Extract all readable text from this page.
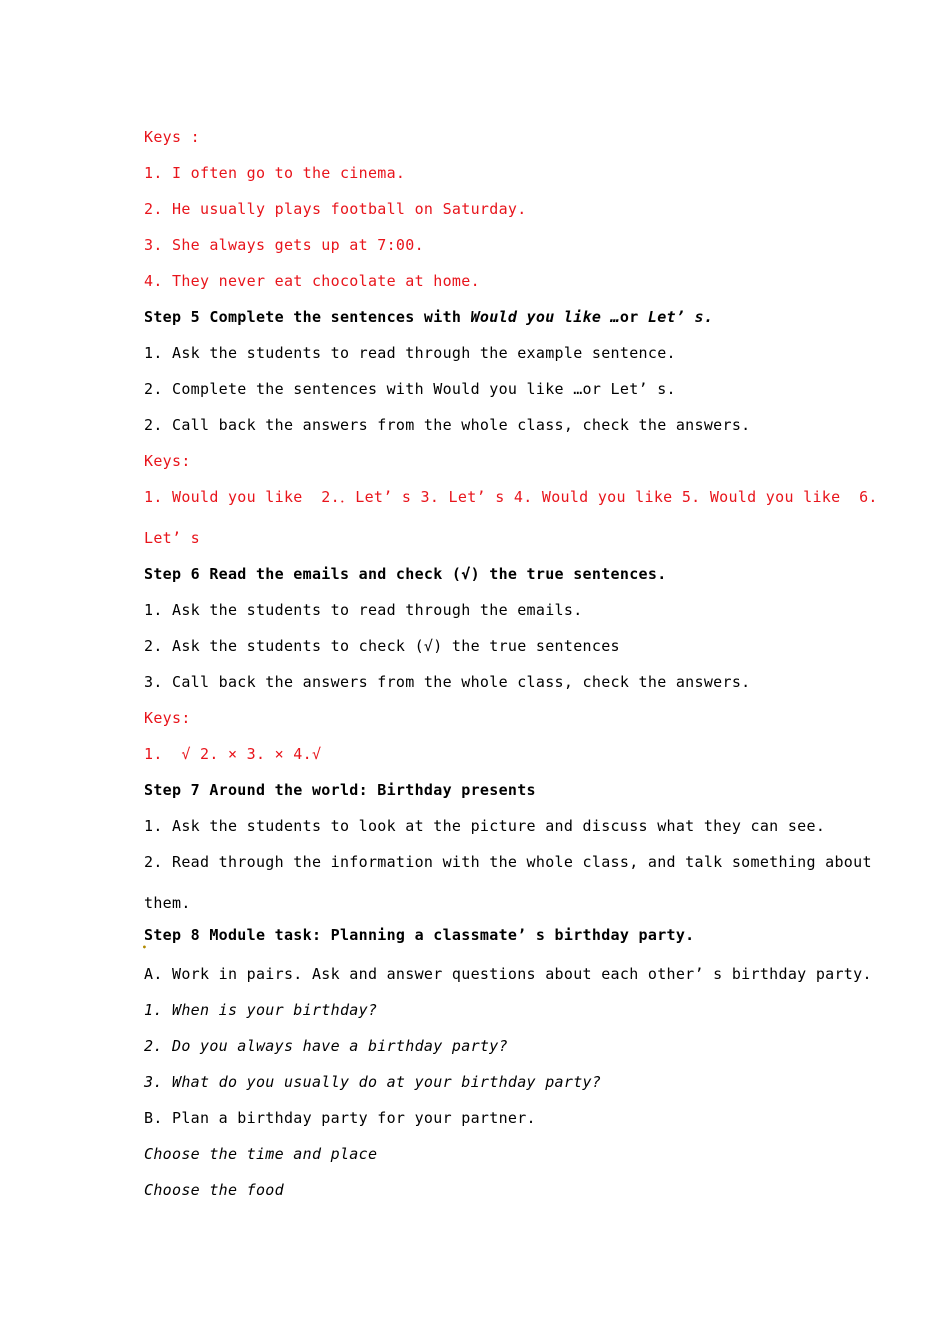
Keys :
1. I often go to the cinema.
2. He usually plays football on Saturday.
3. She always gets up at 7:00.
4. They never eat chocolate at home.
Step 5 Complete the sentences with Would you like …or Let’ s.
1. Ask the students to read through the example sentence.
2. Complete the sentences with Would you like …or Let’ s.
2. Call back the answers from the whole class, check the answers.
Keys:
1. Would you like  2.．Let’ s 3. Let’ s 4. Would you like 5. Would you like  6.
Let’ s
Step 6 Read the emails and check (√) the true sentences.
1. Ask the students to read through the emails.
2. Ask the students to check (√) the true sentences
3. Call back the answers from the whole class, check the answers.
Keys:
1.  √ 2. × 3. × 4.√
Step 7 Around the world: Birthday presents
1. Ask the students to look at the picture and discuss what they can see.
2. Read through the information with the whole class, and talk something about
them.
•
Step 8 Module task: Planning a classmate’ s birthday party.
A. Work in pairs. Ask and answer questions about each other’ s birthday party.
1. When is your birthday?
2. Do you always have a birthday party?
3. What do you usually do at your birthday party?
B. Plan a birthday party for your partner.
Choose the time and place
Choose the food
